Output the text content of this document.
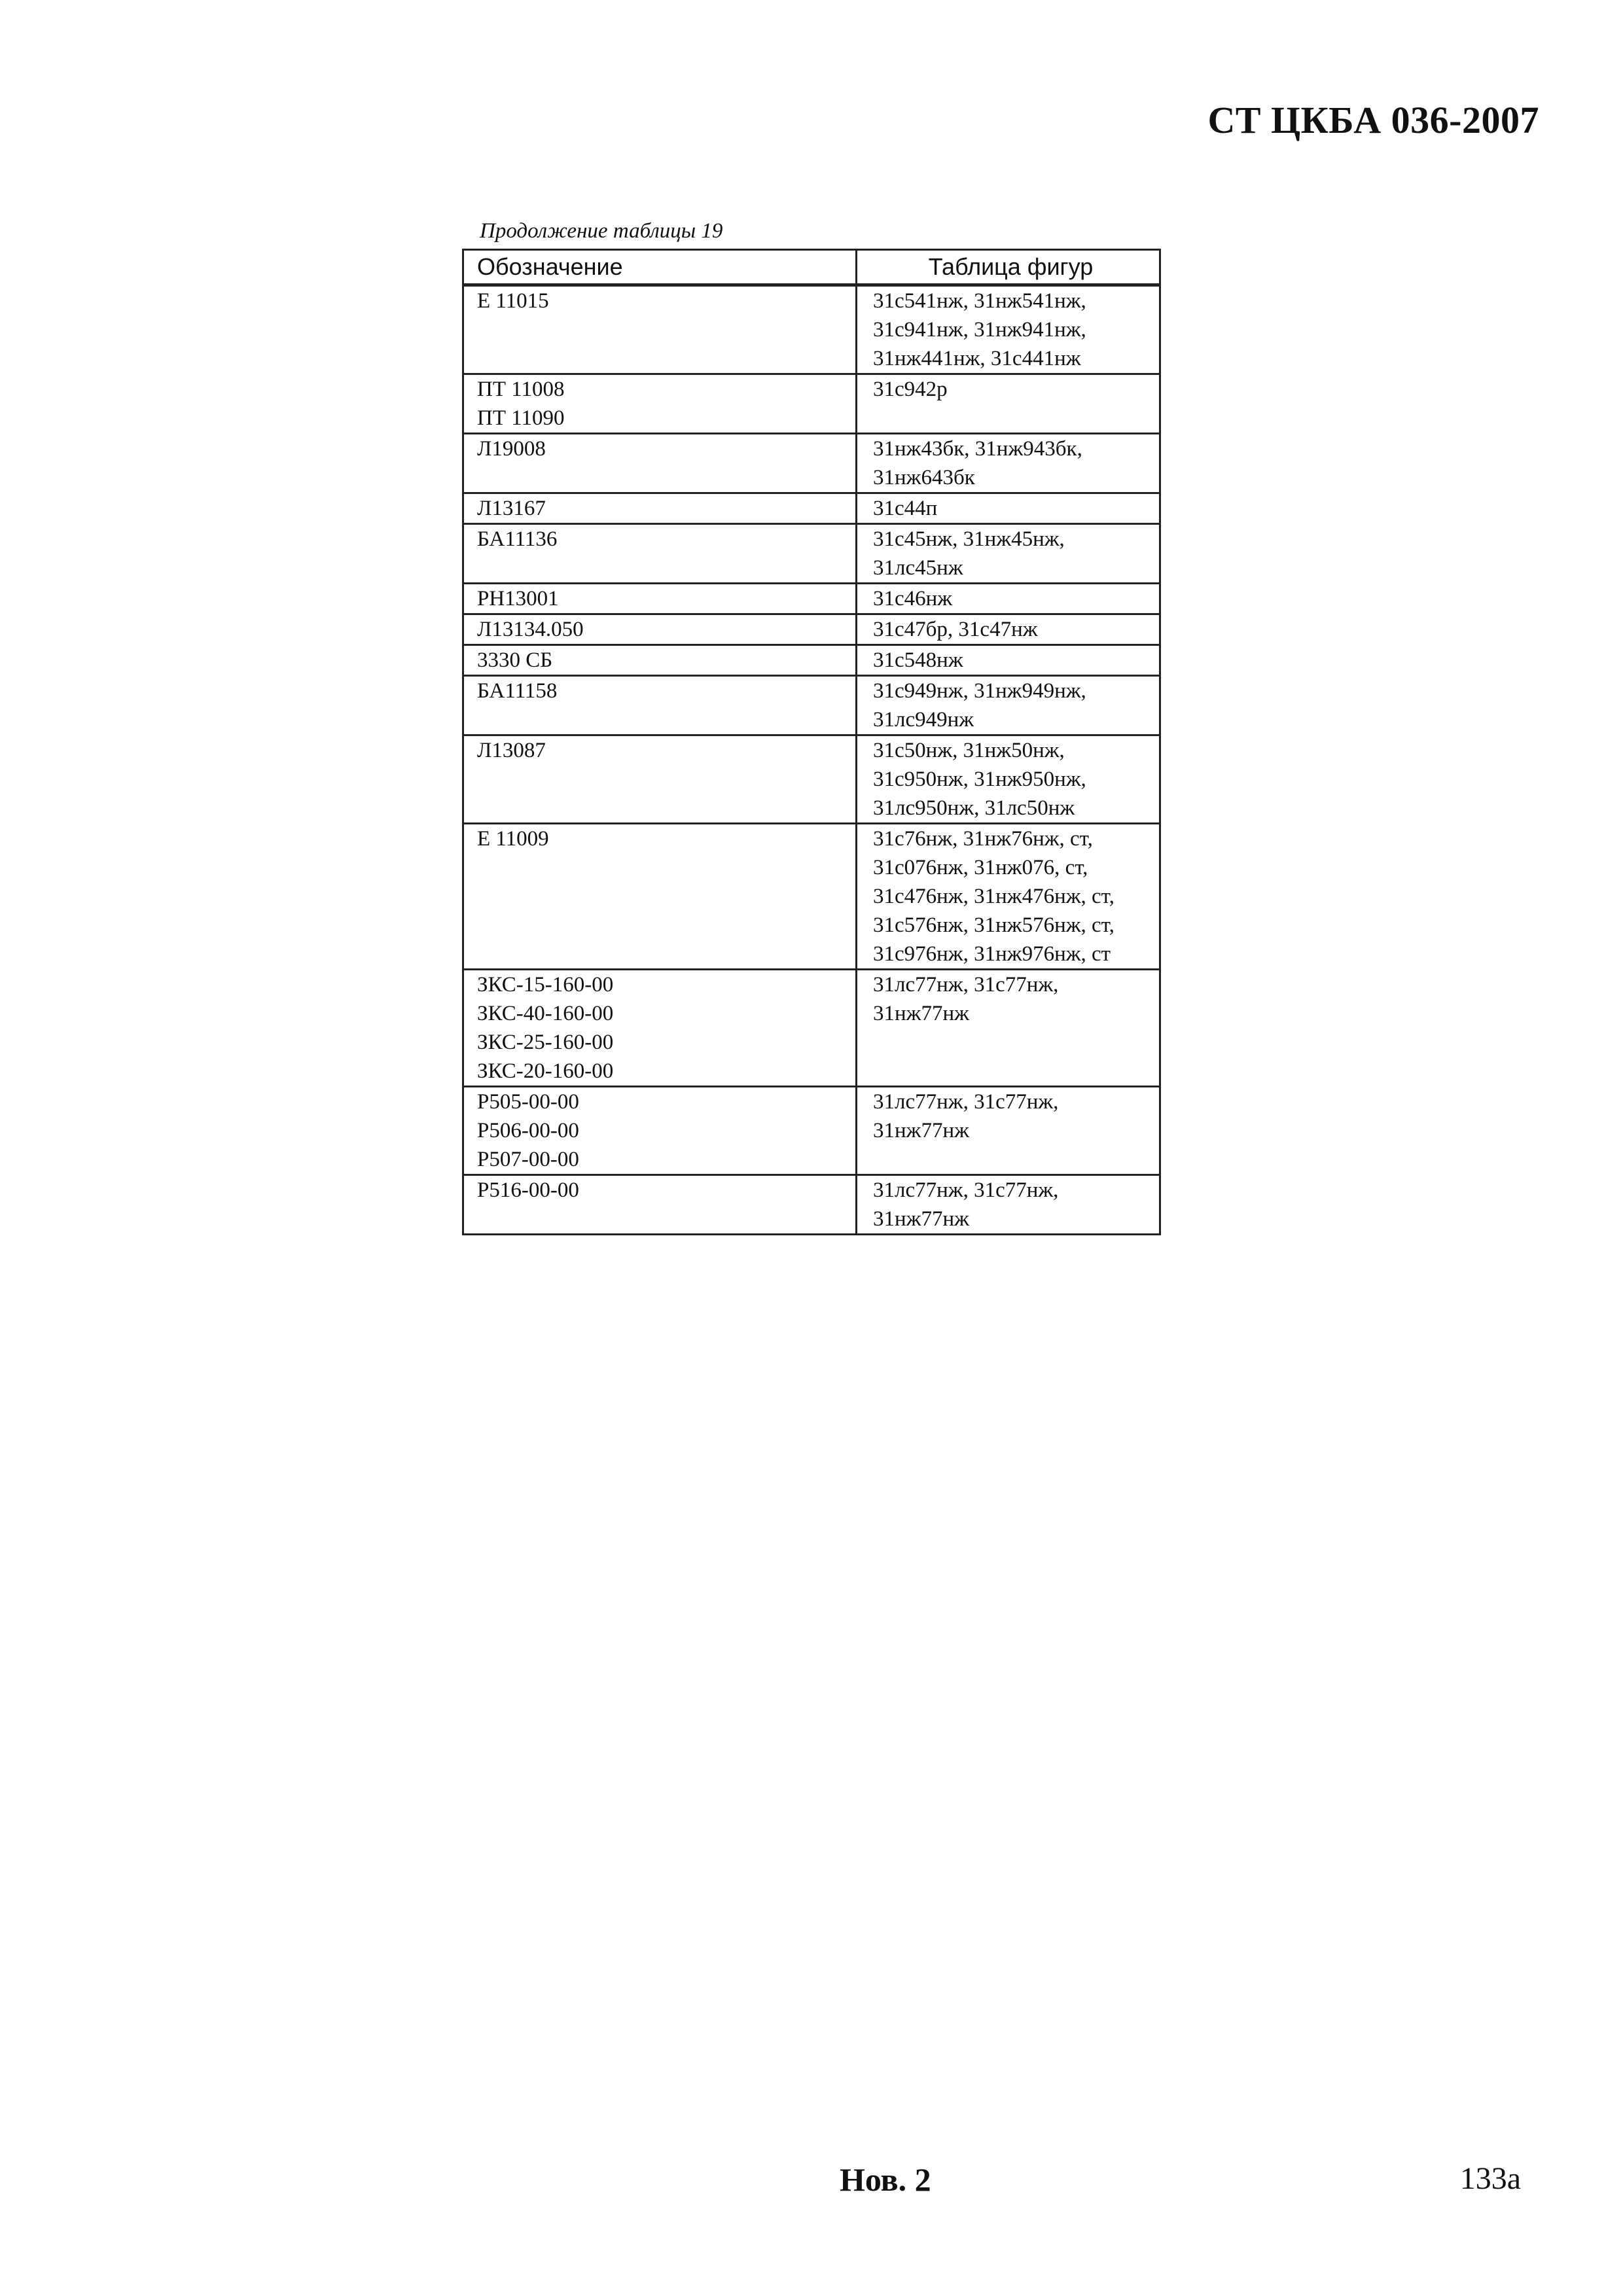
СТ ЦКБА 036-2007
Продолжение таблицы 19
Обозначение	Таблица фигур

Е 11015	31с541нж, 31нж541нж,
31с941нж, 31нж941нж,
31нж441нж, 31с441нж

ПТ 11008
ПТ 11090	31с942р

Л19008	31нж43бк, 31нж943бк,
31нж643бк

Л13167	31с44п

БА11136	31с45нж, 31нж45нж,
31лс45нж

РН13001	31с46нж

Л13134.050	31с47бр, 31с47нж

3330 СБ	31с548нж

БА11158	31с949нж, 31нж949нж,
31лс949нж

Л13087	31с50нж, 31нж50нж,
31с950нж, 31нж950нж,
31лс950нж, 31лс50нж

Е 11009	31с76нж, 31нж76нж, ст,
31с076нж, 31нж076, ст,
31с476нж, 31нж476нж, ст,
31с576нж, 31нж576нж, ст,
31с976нж, 31нж976нж, ст

ЗКС-15-160-00
ЗКС-40-160-00
ЗКС-25-160-00
ЗКС-20-160-00	31лс77нж, 31с77нж,
31нж77нж

Р505-00-00
Р506-00-00
Р507-00-00	31лс77нж, 31с77нж,
31нж77нж

Р516-00-00	31лс77нж, 31с77нж,
31нж77нж
Нов. 2	133а
